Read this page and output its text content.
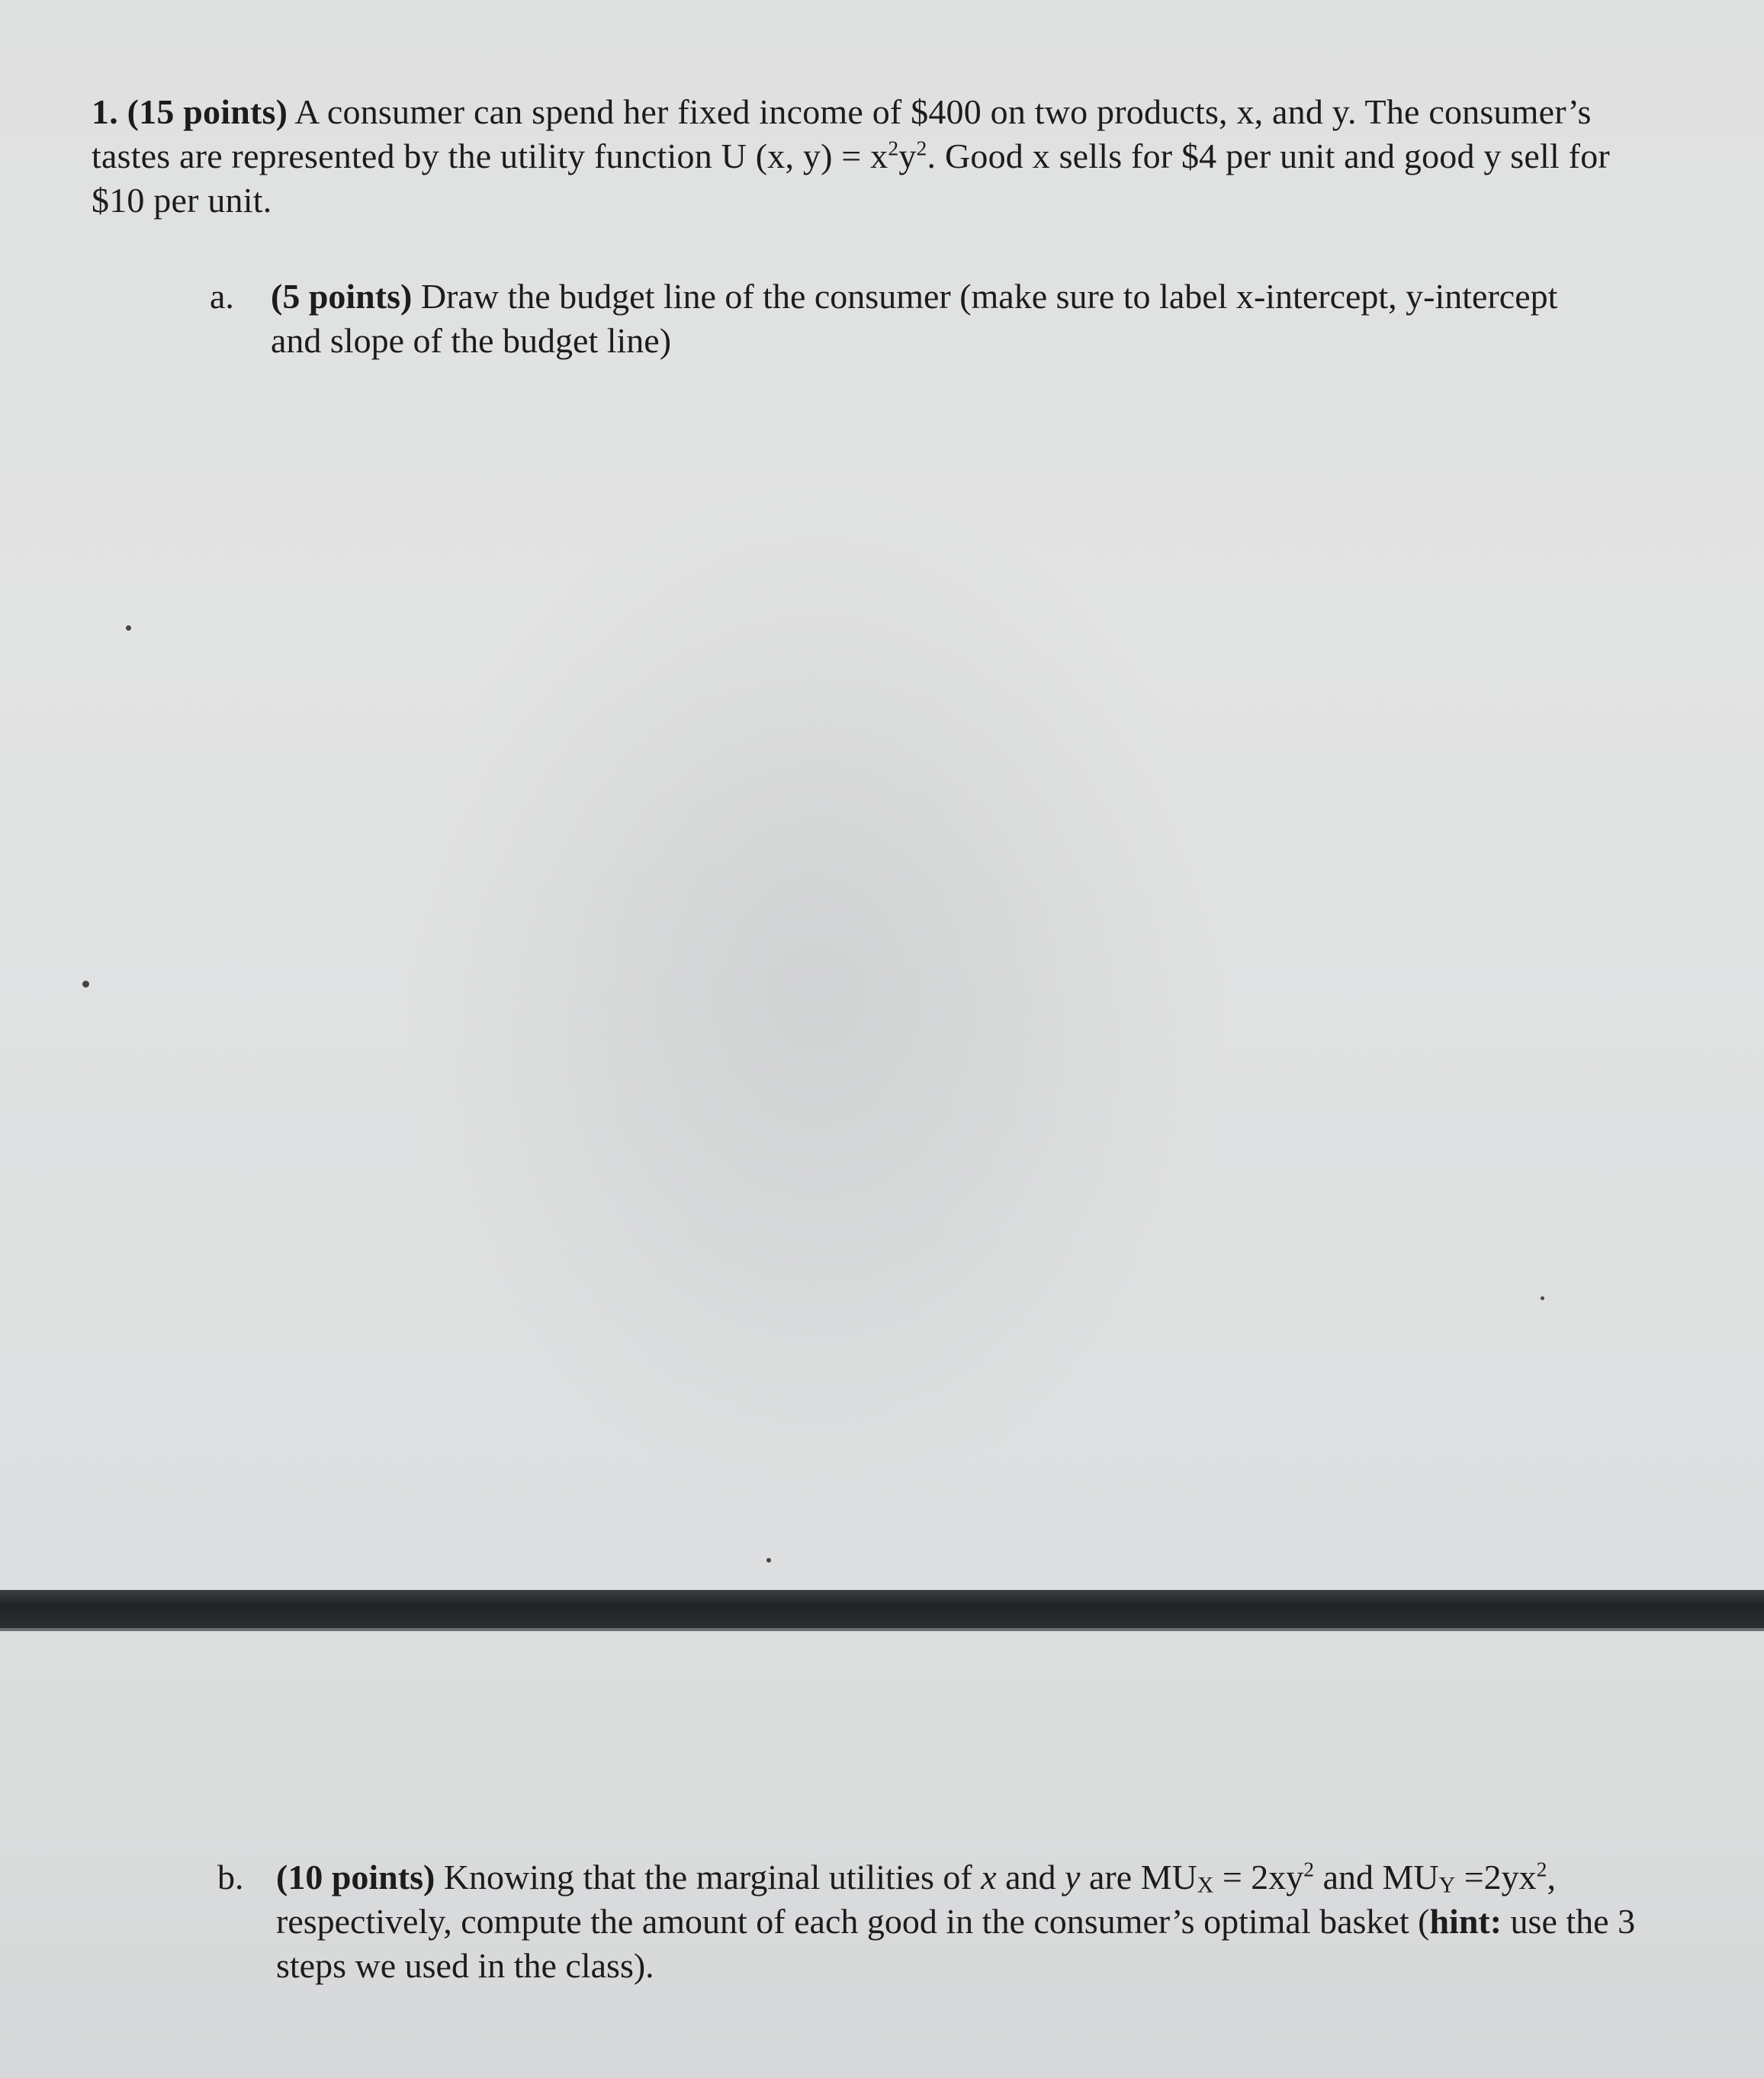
1. (15 points) A consumer can spend her fixed income of $400 on two products, x, and y. The consumer’s tastes are represented by the utility function U (x, $y) = x^2y^2$. Good x sells for $4 per unit and good y sell for $10 per unit.
a.	(5 points) Draw the budget line of the consumer (make sure to label x-intercept, y-intercept and slope of the budget line)
b. (10 points) Knowing that the marginal utilities of x and y are $MU_X = 2xy^2$ and $MU_Y =2yx^2$, respectively, compute the amount of each good in the consumer’s optimal basket (hint: use the 3 steps we used in the class).
